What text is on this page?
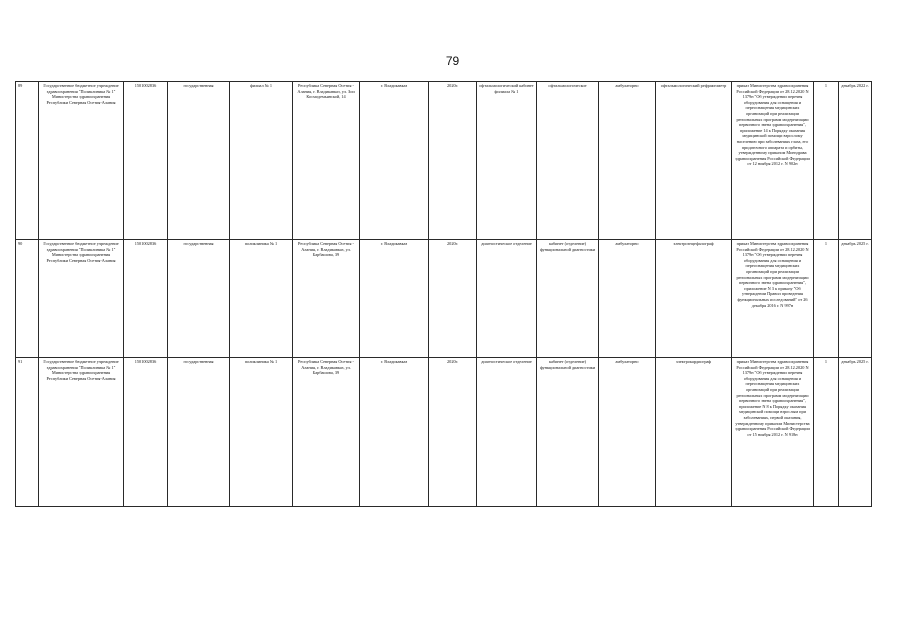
79
89	Государственное бюджетное учреждение здравоохранения "Поликлиника № 1" Министерства здравоохранения Республики Северная Осетия-Алания	1501002836	государственная	филиал № 1	Республика Северная Осетия - Алания, г. Владикавказ, ул. Зои Космодемьянской, 14	г. Владикавказ	2020г.	офтальмологический кабинет филиала № 1	офтальмологическое	амбулаторно	офтальмологический рефрактометр	приказ Министерства здравоохранения Российской Федерации от 28.12.2020 N 1379н "Об утверждении перечня оборудования для оснащения и переоснащения медицинских организаций при реализации региональных программ модернизации первичного звена здравоохранения", приложение 14 к Порядку оказания медицинской помощи взрослому населению при заболеваниях глаза, его придаточного аппарата и орбиты, утвержденному приказом Минздрава здравоохранения Российской Федерации от 12 ноября 2012 г. N 902н	1	декабрь 2022 г.
90	Государственное бюджетное учреждение здравоохранения "Поликлиника № 1" Министерства здравоохранения Республики Северная Осетия-Алания	1501002836	государственная	поликлиника № 1	Республика Северная Осетия - Алания, г. Владикавказ, ул. Барбашова, 39	г. Владикавказ	2020г.	диагностическое отделение	кабинет (отделение) функциональной диагностики	амбулаторно	электроэнцефалограф	приказ Министерства здравоохранения Российской Федерации от 28.12.2020 N 1379н "Об утверждении перечня оборудования для оснащения и переоснащения медицинских организаций при реализации региональных программ модернизации первичного звена здравоохранения", приложение N 3 к приказу "Об утверждении Правил проведения функциональных исследований" от 26 декабря 2016 г. N 997н	1	декабрь 2025 г.
91	Государственное бюджетное учреждение здравоохранения "Поликлиника № 1" Министерства здравоохранения Республики Северная Осетия-Алания	1501002836	государственная	поликлиника № 1	Республика Северная Осетия - Алания, г. Владикавказ, ул. Барбашова, 39	г. Владикавказ	2020г.	диагностическое отделение	кабинет (отделение) функциональной диагностики	амбулаторно	электрокардиограф	приказ Министерства здравоохранения Российской Федерации от 28.12.2020 N 1379н "Об утверждении перечня оборудования для оснащения и переоснащения медицинских организаций при реализации региональных программ модернизации первичного звена здравоохранения", приложение N 8 к Порядку оказания медицинской помощи взрослым при заболеваниях, первой оказания, утвержденному приказом Министерства здравоохранения Российской Федерации от 15 ноября 2012 г. N 918н	1	декабрь 2025 г.
